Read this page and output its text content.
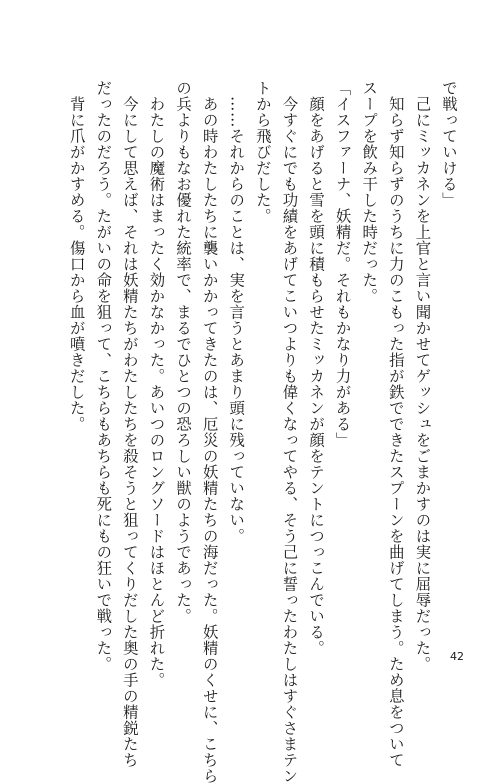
で戦っていける」
　己にミッカネンを上官と言い聞かせてゲッシュをごまかすのは実に屈辱だった。
　知らず知らずのうちに力のこもった指が鉄でできたスプーンを曲げてしまう。ため息をついて
スープを飲み干した時だった。
「イスファーナ、妖精だ。それもかなり力がある」
　顔をあげると雪を頭に積もらせたミッカネンが顔をテントにつっこんでいる。
　今すぐにでも功績をあげてこいつよりも偉くなってやる、そう己に誓ったわたしはすぐさまテン
トから飛びだした。
　……それからのことは、実を言うとあまり頭に残っていない。
　あの時わたしたちに襲いかかってきたのは、厄災の妖精たちの海だった。妖精のくせに、こちら
の兵よりもなお優れた統率で、まるでひとつの恐ろしい獣のようであった。
　わたしの魔術はまったく効かなかった。あいつのロングソードはほとんど折れた。
　今にして思えば、それは妖精たちがわたしたちを殺そうと狙ってくりだした奥の手の精鋭たち
だったのだろう。たがいの命を狙って、こちらもあちらも死にもの狂いで戦った。
　背に爪がかすめる。傷口から血が噴きだした。
42
